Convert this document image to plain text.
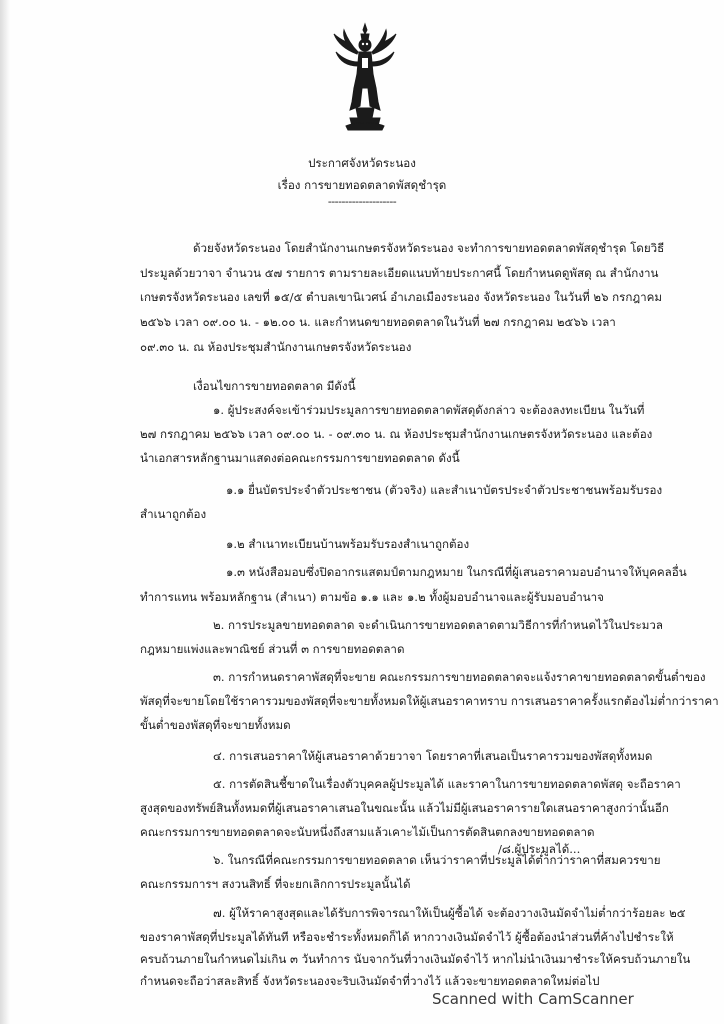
ประกาศจังหวัดระนอง
เรื่อง การขายทอดตลาดพัสดุชำรุด
--------------------
ด้วยจังหวัดระนอง โดยสำนักงานเกษตรจังหวัดระนอง จะทำการขายทอดตลาดพัสดุชำรุด โดยวิธี
ประมูลด้วยวาจา จำนวน ๕๗ รายการ ตามรายละเอียดแนบท้ายประกาศนี้ โดยกำหนดดูพัสดุ ณ สำนักงาน
เกษตรจังหวัดระนอง เลขที่ ๑๕/๕ ตำบลเขานิเวศน์ อำเภอเมืองระนอง จังหวัดระนอง ในวันที่ ๒๖ กรกฎาคม
๒๕๖๖ เวลา ๐๙.๐๐ น. - ๑๒.๐๐ น. และกำหนดขายทอดตลาดในวันที่ ๒๗ กรกฎาคม ๒๕๖๖ เวลา
๐๙.๓๐ น. ณ ห้องประชุมสำนักงานเกษตรจังหวัดระนอง
เงื่อนไขการขายทอดตลาด มีดังนี้
๑. ผู้ประสงค์จะเข้าร่วมประมูลการขายทอดตลาดพัสดุดังกล่าว จะต้องลงทะเบียน ในวันที่
๒๗ กรกฎาคม ๒๕๖๖ เวลา ๐๙.๐๐ น. - ๐๙.๓๐ น. ณ ห้องประชุมสำนักงานเกษตรจังหวัดระนอง และต้อง
นำเอกสารหลักฐานมาแสดงต่อคณะกรรมการขายทอดตลาด ดังนี้
๑.๑ ยื่นบัตรประจำตัวประชาชน (ตัวจริง) และสำเนาบัตรประจำตัวประชาชนพร้อมรับรอง
สำเนาถูกต้อง
๑.๒ สำเนาทะเบียนบ้านพร้อมรับรองสำเนาถูกต้อง
๑.๓ หนังสือมอบซึ่งปิดอากรแสตมป์ตามกฎหมาย ในกรณีที่ผู้เสนอราคามอบอำนาจให้บุคคลอื่น
ทำการแทน พร้อมหลักฐาน (สำเนา) ตามข้อ ๑.๑ และ ๑.๒ ทั้งผู้มอบอำนาจและผู้รับมอบอำนาจ
๒. การประมูลขายทอดตลาด จะดำเนินการขายทอดตลาดตามวิธีการที่กำหนดไว้ในประมวล
กฎหมายแพ่งและพาณิชย์ ส่วนที่ ๓ การขายทอดตลาด
๓. การกำหนดราคาพัสดุที่จะขาย คณะกรรมการขายทอดตลาดจะแจ้งราคาขายทอดตลาดขั้นต่ำของ
พัสดุที่จะขายโดยใช้ราคารวมของพัสดุที่จะขายทั้งหมดให้ผู้เสนอราคาทราบ การเสนอราคาครั้งแรกต้องไม่ต่ำกว่าราคา
ขั้นต่ำของพัสดุที่จะขายทั้งหมด
๔. การเสนอราคาให้ผู้เสนอราคาด้วยวาจา โดยราคาที่เสนอเป็นราคารวมของพัสดุทั้งหมด
๕. การตัดสินชี้ขาดในเรื่องตัวบุคคลผู้ประมูลได้ และราคาในการขายทอดตลาดพัสดุ จะถือราคา
สูงสุดของทรัพย์สินทั้งหมดที่ผู้เสนอราคาเสนอในขณะนั้น แล้วไม่มีผู้เสนอราคารายใดเสนอราคาสูงกว่านั้นอีก
คณะกรรมการขายทอดตลาดจะนับหนึ่งถึงสามแล้วเคาะไม้เป็นการตัดสินตกลงขายทอดตลาด
๖. ในกรณีที่คณะกรรมการขายทอดตลาด เห็นว่าราคาที่ประมูลได้ต่ำกว่าราคาที่สมควรขาย
คณะกรรมการฯ สงวนสิทธิ์ ที่จะยกเลิกการประมูลนั้นได้
๗. ผู้ให้ราคาสูงสุดและได้รับการพิจารณาให้เป็นผู้ซื้อได้ จะต้องวางเงินมัดจำไม่ต่ำกว่าร้อยละ ๒๕
ของราคาพัสดุที่ประมูลได้ทันที หรือจะชำระทั้งหมดก็ได้ หากวางเงินมัดจำไว้ ผู้ซื้อต้องนำส่วนที่ค้างไปชำระให้
ครบถ้วนภายในกำหนดไม่เกิน ๓ วันทำการ นับจากวันที่วางเงินมัดจำไว้ หากไม่นำเงินมาชำระให้ครบถ้วนภายใน
กำหนดจะถือว่าสละสิทธิ์ จังหวัดระนองจะริบเงินมัดจำที่วางไว้ แล้วจะขายทอดตลาดใหม่ต่อไป
Scanned with CamScanner
/๘.ผู้ประมูลได้...
